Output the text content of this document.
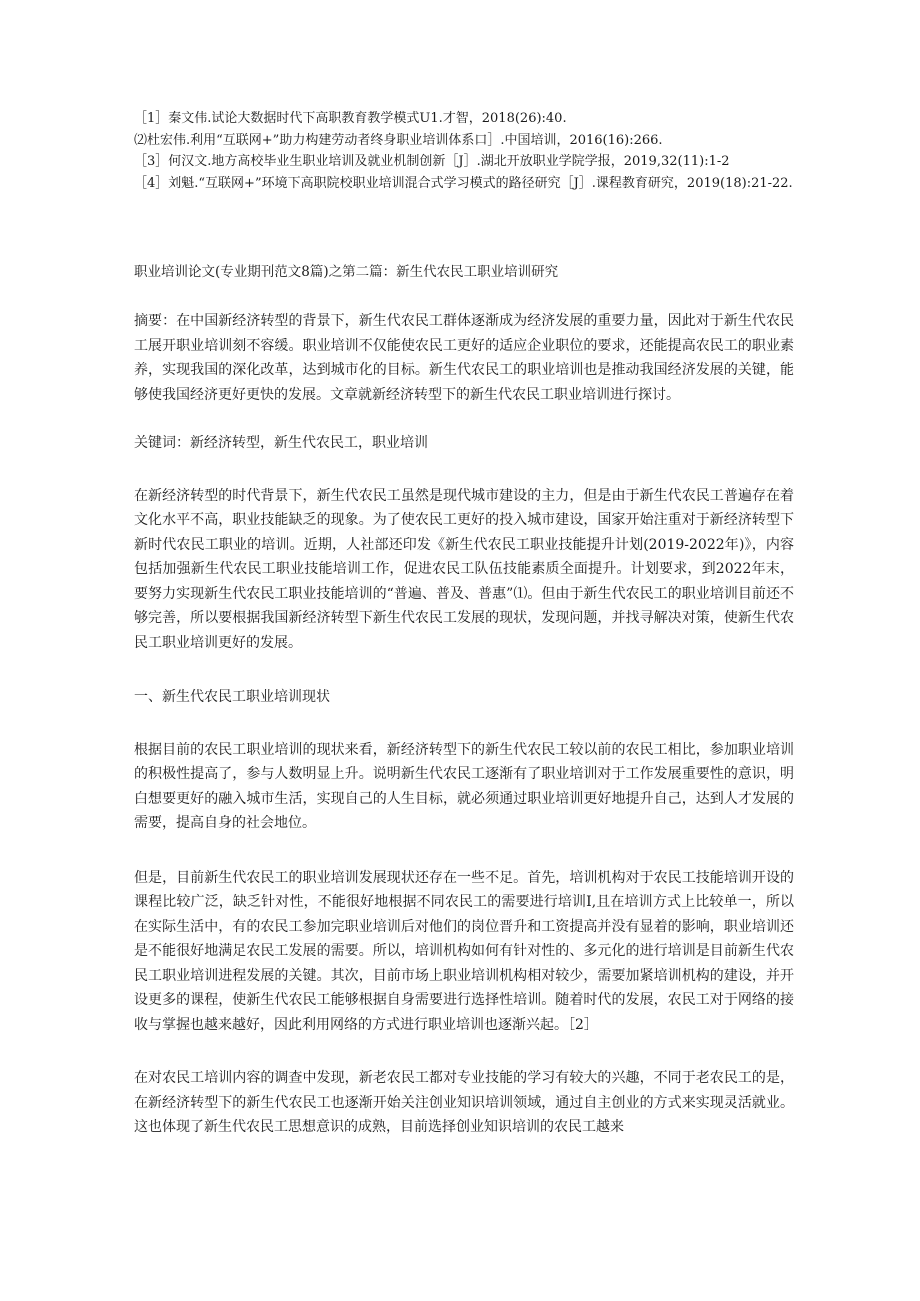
［1］秦文伟.试论大数据时代下高职教育教学模式U1.才智，2018(26):40.

⑵杜宏伟.利用“互联网+”助力构建劳动者终身职业培训体系口］.中国培训，2016(16):266.

［3］何汉文.地方高校毕业生职业培训及就业机制创新［J］.湖北开放职业学院学报，2019,32(11):1-2

［4］刘魁.“互联网+”环境下高职院校职业培训混合式学习模式的路径研究［J］.课程教育研究，2019(18):21-22.

职业培训论文(专业期刊范文8篇)之第二篇：新生代农民工职业培训研究

摘要：在中国新经济转型的背景下，新生代农民工群体逐渐成为经济发展的重要力量，因此对于新生代农民工展开职业培训刻不容缓。职业培训不仅能使农民工更好的适应企业职位的要求，还能提高农民工的职业素养，实现我国的深化改革，达到城市化的目标。新生代农民工的职业培训也是推动我国经济发展的关键，能够使我国经济更好更快的发展。文章就新经济转型下的新生代农民工职业培训进行探讨。

关键词：新经济转型，新生代农民工，职业培训

在新经济转型的时代背景下，新生代农民工虽然是现代城市建设的主力，但是由于新生代农民工普遍存在着文化水平不高，职业技能缺乏的现象。为了使农民工更好的投入城市建设，国家开始注重对于新经济转型下新时代农民工职业的培训。近期，人社部还印发《新生代农民工职业技能提升计划(2019-2022年)》，内容包括加强新生代农民工职业技能培训工作，促进农民工队伍技能素质全面提升。计划要求，到2022年末，要努力实现新生代农民工职业技能培训的“普遍、普及、普惠”⑴。但由于新生代农民工的职业培训目前还不够完善，所以要根据我国新经济转型下新生代农民工发展的现状，发现问题，并找寻解决对策，使新生代农民工职业培训更好的发展。

一、新生代农民工职业培训现状

根据目前的农民工职业培训的现状来看，新经济转型下的新生代农民工较以前的农民工相比，参加职业培训的积极性提高了，参与人数明显上升。说明新生代农民工逐渐有了职业培训对于工作发展重要性的意识，明白想要更好的融入城市生活，实现自己的人生目标，就必须通过职业培训更好地提升自己，达到人才发展的需要，提高自身的社会地位。

但是，目前新生代农民工的职业培训发展现状还存在一些不足。首先，培训机构对于农民工技能培训开设的课程比较广泛，缺乏针对性，不能很好地根据不同农民工的需要进行培训I,且在培训方式上比较单一，所以在实际生活中，有的农民工参加完职业培训后对他们的岗位晋升和工资提高并没有显着的影响，职业培训还是不能很好地满足农民工发展的需要。所以，培训机构如何有针对性的、多元化的进行培训是目前新生代农民工职业培训进程发展的关键。其次，目前市场上职业培训机构相对较少，需要加紧培训机构的建设，并开设更多的课程，使新生代农民工能够根据自身需要进行选择性培训。随着时代的发展，农民工对于网络的接收与掌握也越来越好，因此利用网络的方式进行职业培训也逐渐兴起。［2］

在对农民工培训内容的调查中发现，新老农民工都对专业技能的学习有较大的兴趣，不同于老农民工的是，在新经济转型下的新生代农民工也逐渐开始关注创业知识培训领域，通过自主创业的方式来实现灵活就业。这也体现了新生代农民工思想意识的成熟，目前选择创业知识培训的农民工越来
